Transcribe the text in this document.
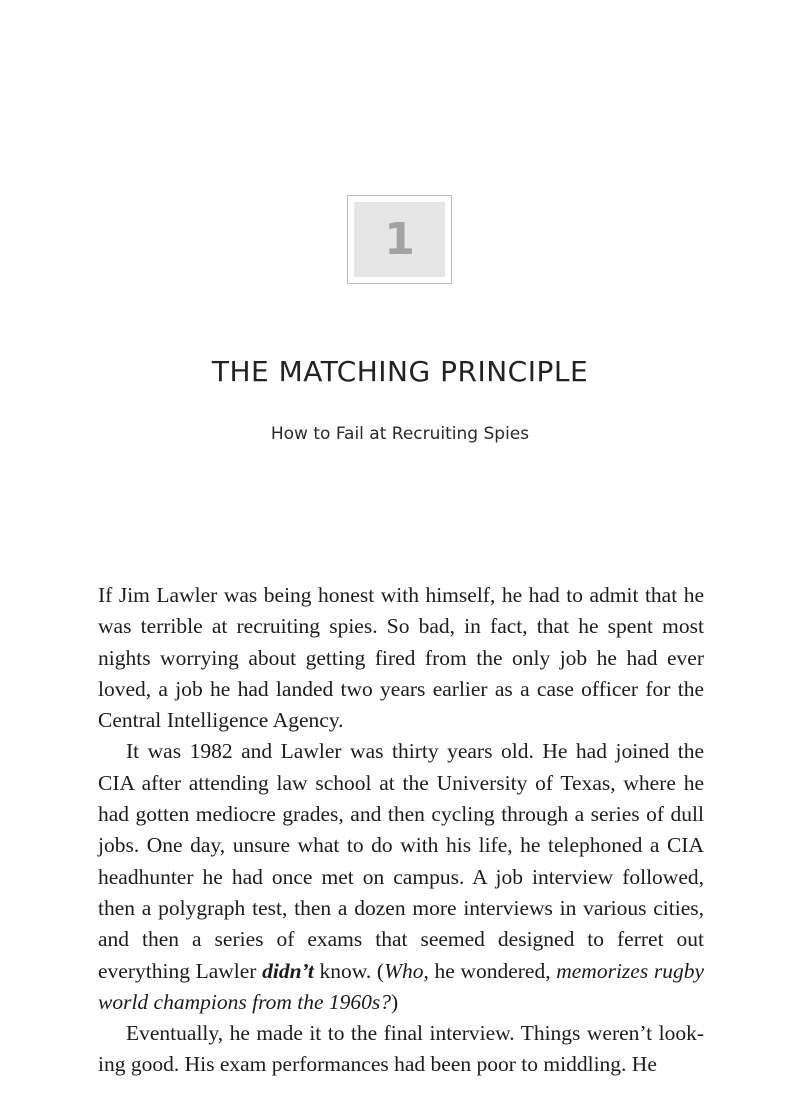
1
THE MATCHING PRINCIPLE
How to Fail at Recruiting Spies

If Jim Lawler was being honest with himself, he had to admit that he was terrible at recruiting spies. So bad, in fact, that he spent most nights worrying about getting fired from the only job he had ever loved, a job he had landed two years earlier as a case officer for the Central Intelligence Agency.

It was 1982 and Lawler was thirty years old. He had joined the CIA after attending law school at the University of Texas, where he had gotten mediocre grades, and then cycling through a series of dull jobs. One day, unsure what to do with his life, he telephoned a CIA headhunter he had once met on campus. A job interview followed, then a polygraph test, then a dozen more interviews in various cities, and then a series of exams that seemed designed to ferret out everything Lawler didn’t know. (Who, he wondered, memorizes rugby world champions from the 1960s?)

Eventually, he made it to the final interview. Things weren’t looking good. His exam performances had been poor to middling. He
